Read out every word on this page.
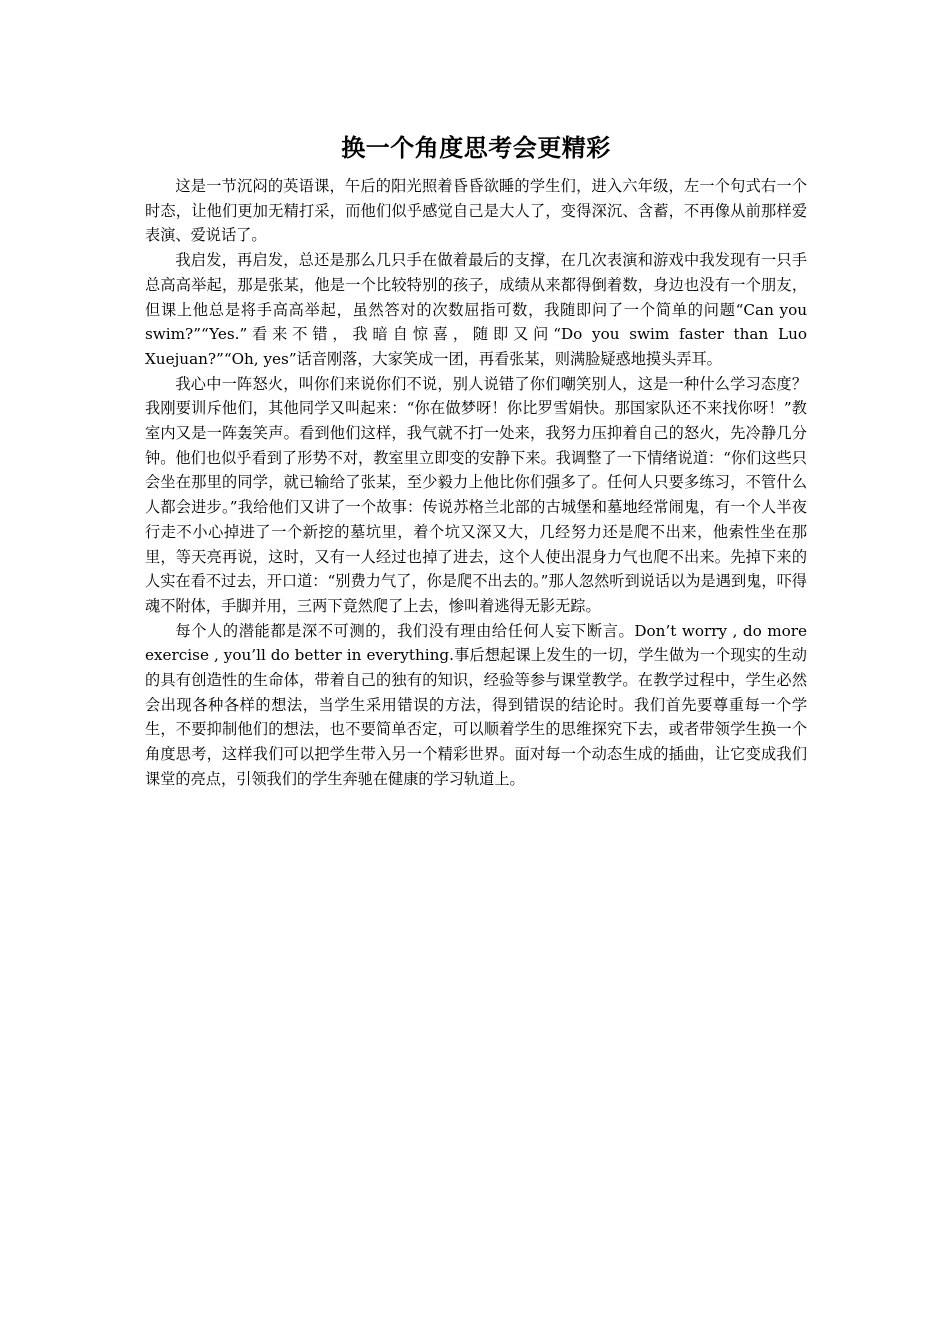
换一个角度思考会更精彩

这是一节沉闷的英语课，午后的阳光照着昏昏欲睡的学生们，进入六年级，左一个句式右一个时态，让他们更加无精打采，而他们似乎感觉自己是大人了，变得深沉、含蓄，不再像从前那样爱表演、爱说话了。

我启发，再启发，总还是那么几只手在做着最后的支撑，在几次表演和游戏中我发现有一只手总高高举起，那是张某，他是一个比较特别的孩子，成绩从来都得倒着数，身边也没有一个朋友，但课上他总是将手高高举起，虽然答对的次数屈指可数，我随即问了一个简单的问题“Can you swim?”“Yes.”看来不错，我暗自惊喜，随即又问“Do you swim faster than Luo Xuejuan?”“Oh, yes”话音刚落，大家笑成一团，再看张某，则满脸疑惑地摸头弄耳。

我心中一阵怒火，叫你们来说你们不说，别人说错了你们嘲笑别人，这是一种什么学习态度？我刚要训斥他们，其他同学又叫起来：“你在做梦呀！你比罗雪娟快。那国家队还不来找你呀！”教室内又是一阵轰笑声。看到他们这样，我气就不打一处来，我努力压抑着自己的怒火，先冷静几分钟。他们也似乎看到了形势不对，教室里立即变的安静下来。我调整了一下情绪说道：“你们这些只会坐在那里的同学，就已输给了张某，至少毅力上他比你们强多了。任何人只要多练习，不管什么人都会进步。”我给他们又讲了一个故事：传说苏格兰北部的古城堡和墓地经常闹鬼，有一个人半夜行走不小心掉进了一个新挖的墓坑里，着个坑又深又大，几经努力还是爬不出来，他索性坐在那里，等天亮再说，这时，又有一人经过也掉了进去，这个人使出混身力气也爬不出来。先掉下来的人实在看不过去，开口道：“别费力气了，你是爬不出去的。”那人忽然听到说话以为是遇到鬼，吓得魂不附体，手脚并用，三两下竟然爬了上去，惨叫着逃得无影无踪。

每个人的潜能都是深不可测的，我们没有理由给任何人妄下断言。Don’t worry , do more exercise , you’ll do better in everything.事后想起课上发生的一切，学生做为一个现实的生动的具有创造性的生命体，带着自己的独有的知识，经验等参与课堂教学。在教学过程中，学生必然会出现各种各样的想法，当学生采用错误的方法，得到错误的结论时。我们首先要尊重每一个学生，不要抑制他们的想法，也不要简单否定，可以顺着学生的思维探究下去，或者带领学生换一个角度思考，这样我们可以把学生带入另一个精彩世界。面对每一个动态生成的插曲，让它变成我们课堂的亮点，引领我们的学生奔驰在健康的学习轨道上。
